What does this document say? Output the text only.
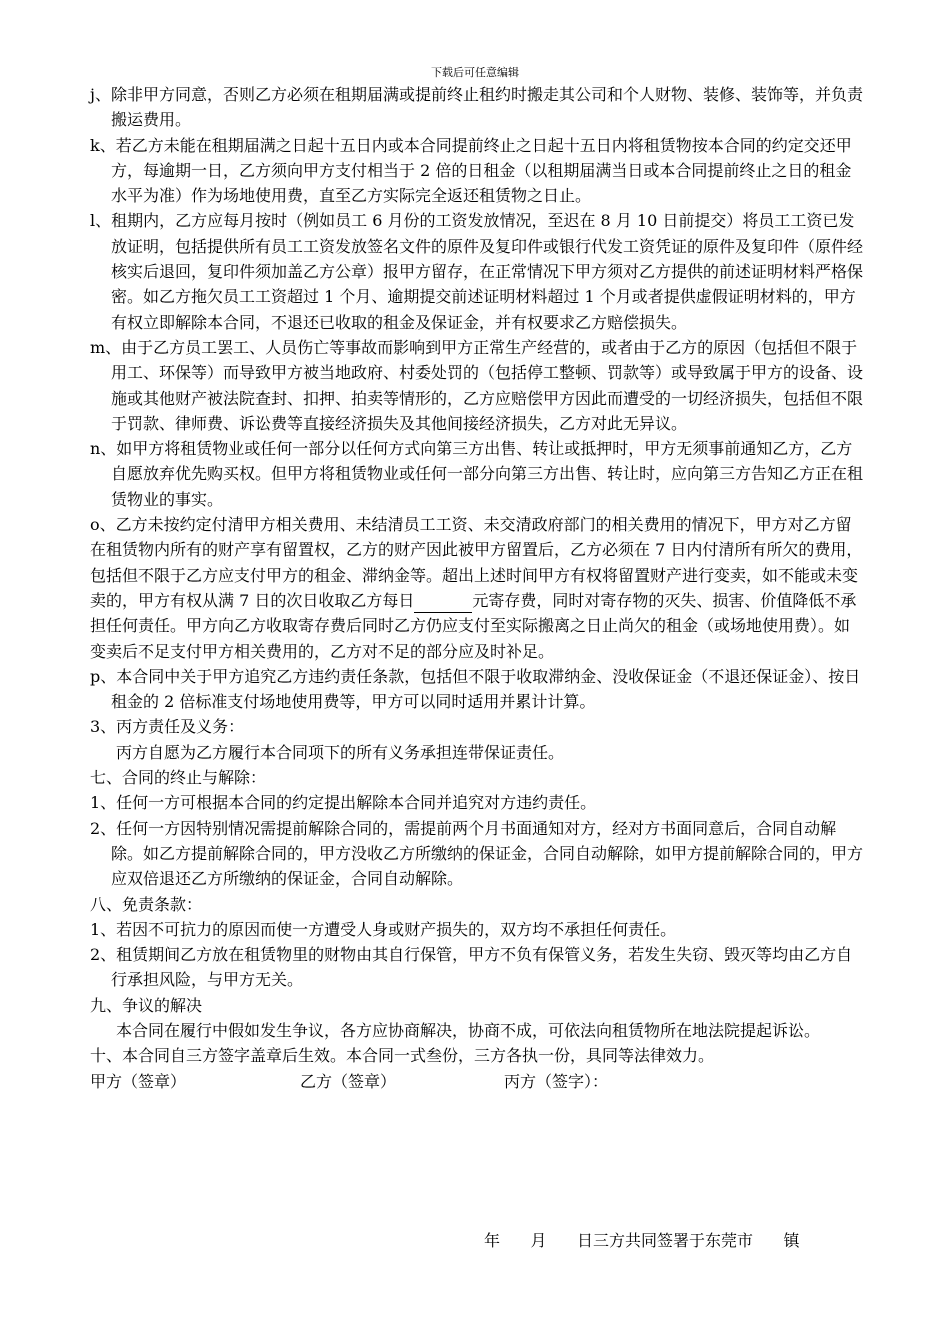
下载后可任意编辑

j、除非甲方同意，否则乙方必须在租期届满或提前终止租约时搬走其公司和个人财物、装修、装饰等，并负责搬运费用。

k、若乙方未能在租期届满之日起十五日内或本合同提前终止之日起十五日内将租赁物按本合同的约定交还甲方，每逾期一日，乙方须向甲方支付相当于 2 倍的日租金（以租期届满当日或本合同提前终止之日的租金水平为准）作为场地使用费，直至乙方实际完全返还租赁物之日止。

l、租期内，乙方应每月按时（例如员工 6 月份的工资发放情况，至迟在 8 月 10 日前提交）将员工工资已发放证明，包括提供所有员工工资发放签名文件的原件及复印件或银行代发工资凭证的原件及复印件（原件经核实后退回，复印件须加盖乙方公章）报甲方留存，在正常情况下甲方须对乙方提供的前述证明材料严格保密。如乙方拖欠员工工资超过 1 个月、逾期提交前述证明材料超过 1 个月或者提供虚假证明材料的，甲方有权立即解除本合同，不退还已收取的租金及保证金，并有权要求乙方赔偿损失。

m、由于乙方员工罢工、人员伤亡等事故而影响到甲方正常生产经营的，或者由于乙方的原因（包括但不限于用工、环保等）而导致甲方被当地政府、村委处罚的（包括停工整顿、罚款等）或导致属于甲方的设备、设施或其他财产被法院查封、扣押、拍卖等情形的，乙方应赔偿甲方因此而遭受的一切经济损失，包括但不限于罚款、律师费、诉讼费等直接经济损失及其他间接经济损失，乙方对此无异议。

n、如甲方将租赁物业或任何一部分以任何方式向第三方出售、转让或抵押时，甲方无须事前通知乙方，乙方自愿放弃优先购买权。但甲方将租赁物业或任何一部分向第三方出售、转让时，应向第三方告知乙方正在租赁物业的事实。

o、乙方未按约定付清甲方相关费用、未结清员工工资、未交清政府部门的相关费用的情况下，甲方对乙方留在租赁物内所有的财产享有留置权，乙方的财产因此被甲方留置后，乙方必须在 7 日内付清所有所欠的费用，包括但不限于乙方应支付甲方的租金、滞纳金等。超出上述时间甲方有权将留置财产进行变卖，如不能或未变卖的，甲方有权从满 7 日的次日收取乙方每日	元寄存费，同时对寄存物的灭失、损害、价值降低不承担任何责任。甲方向乙方收取寄存费后同时乙方仍应支付至实际搬离之日止尚欠的租金（或场地使用费）。如变卖后不足支付甲方相关费用的，乙方对不足的部分应及时补足。

p、本合同中关于甲方追究乙方违约责任条款，包括但不限于收取滞纳金、没收保证金（不退还保证金）、按日租金的 2 倍标准支付场地使用费等，甲方可以同时适用并累计计算。

3、丙方责任及义务：

丙方自愿为乙方履行本合同项下的所有义务承担连带保证责任。

七、合同的终止与解除：

1、任何一方可根据本合同的约定提出解除本合同并追究对方违约责任。

2、任何一方因特别情况需提前解除合同的，需提前两个月书面通知对方，经对方书面同意后，合同自动解除。如乙方提前解除合同的，甲方没收乙方所缴纳的保证金，合同自动解除，如甲方提前解除合同的，甲方应双倍退还乙方所缴纳的保证金，合同自动解除。

八、免责条款：

1、若因不可抗力的原因而使一方遭受人身或财产损失的，双方均不承担任何责任。

2、租赁期间乙方放在租赁物里的财物由其自行保管，甲方不负有保管义务，若发生失窃、毁灭等均由乙方自行承担风险，与甲方无关。

九、争议的解决

本合同在履行中假如发生争议，各方应协商解决，协商不成，可依法向租赁物所在地法院提起诉讼。

十、本合同自三方签字盖章后生效。本合同一式叁份，三方各执一份，具同等法律效力。

甲方（签章）	乙方（签章）	丙方（签字）：
年      月      日三方共同签署于东莞市      镇
